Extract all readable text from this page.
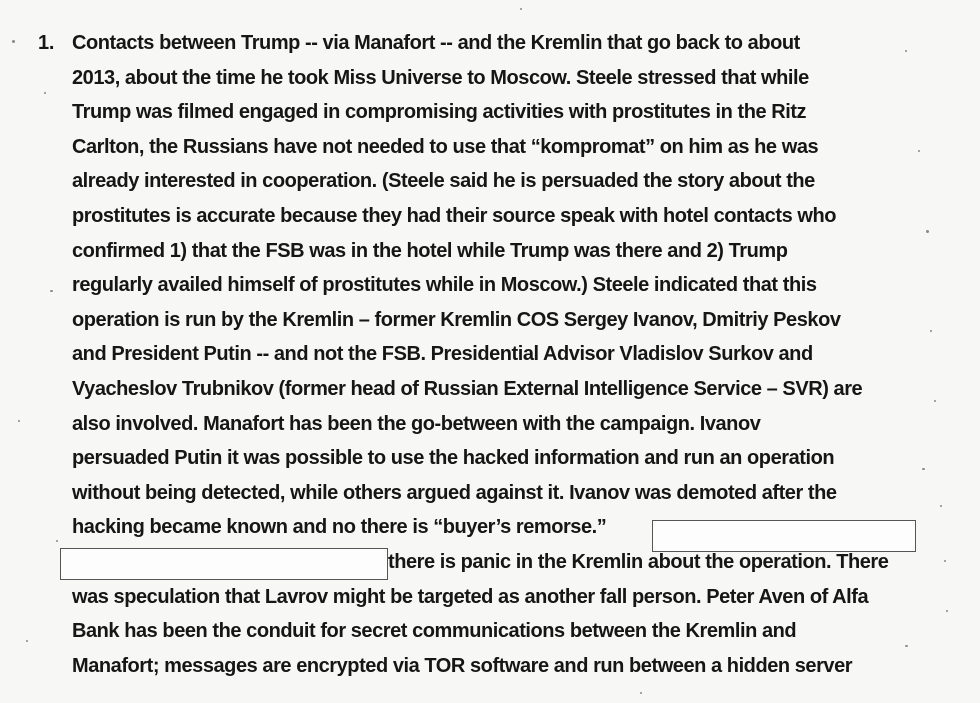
1. Contacts between Trump -- via Manafort -- and the Kremlin that go back to about
2013, about the time he took Miss Universe to Moscow. Steele stressed that while
Trump was filmed engaged in compromising activities with prostitutes in the Ritz
Carlton, the Russians have not needed to use that “kompromat” on him as he was
already interested in cooperation. (Steele said he is persuaded the story about the
prostitutes is accurate because they had their source speak with hotel contacts who
confirmed 1) that the FSB was in the hotel while Trump was there and 2) Trump
regularly availed himself of prostitutes while in Moscow.) Steele indicated that this
operation is run by the Kremlin – former Kremlin COS Sergey Ivanov, Dmitriy Peskov
and President Putin -- and not the FSB. Presidential Advisor Vladislov Surkov and
Vyacheslov Trubnikov (former head of Russian External Intelligence Service – SVR) are
also involved. Manafort has been the go-between with the campaign. Ivanov
persuaded Putin it was possible to use the hacked information and run an operation
without being detected, while others argued against it. Ivanov was demoted after the
hacking became known and no there is “buyer’s remorse.”
there is panic in the Kremlin about the operation. There
was speculation that Lavrov might be targeted as another fall person. Peter Aven of Alfa
Bank has been the conduit for secret communications between the Kremlin and
Manafort; messages are encrypted via TOR software and run between a hidden server
